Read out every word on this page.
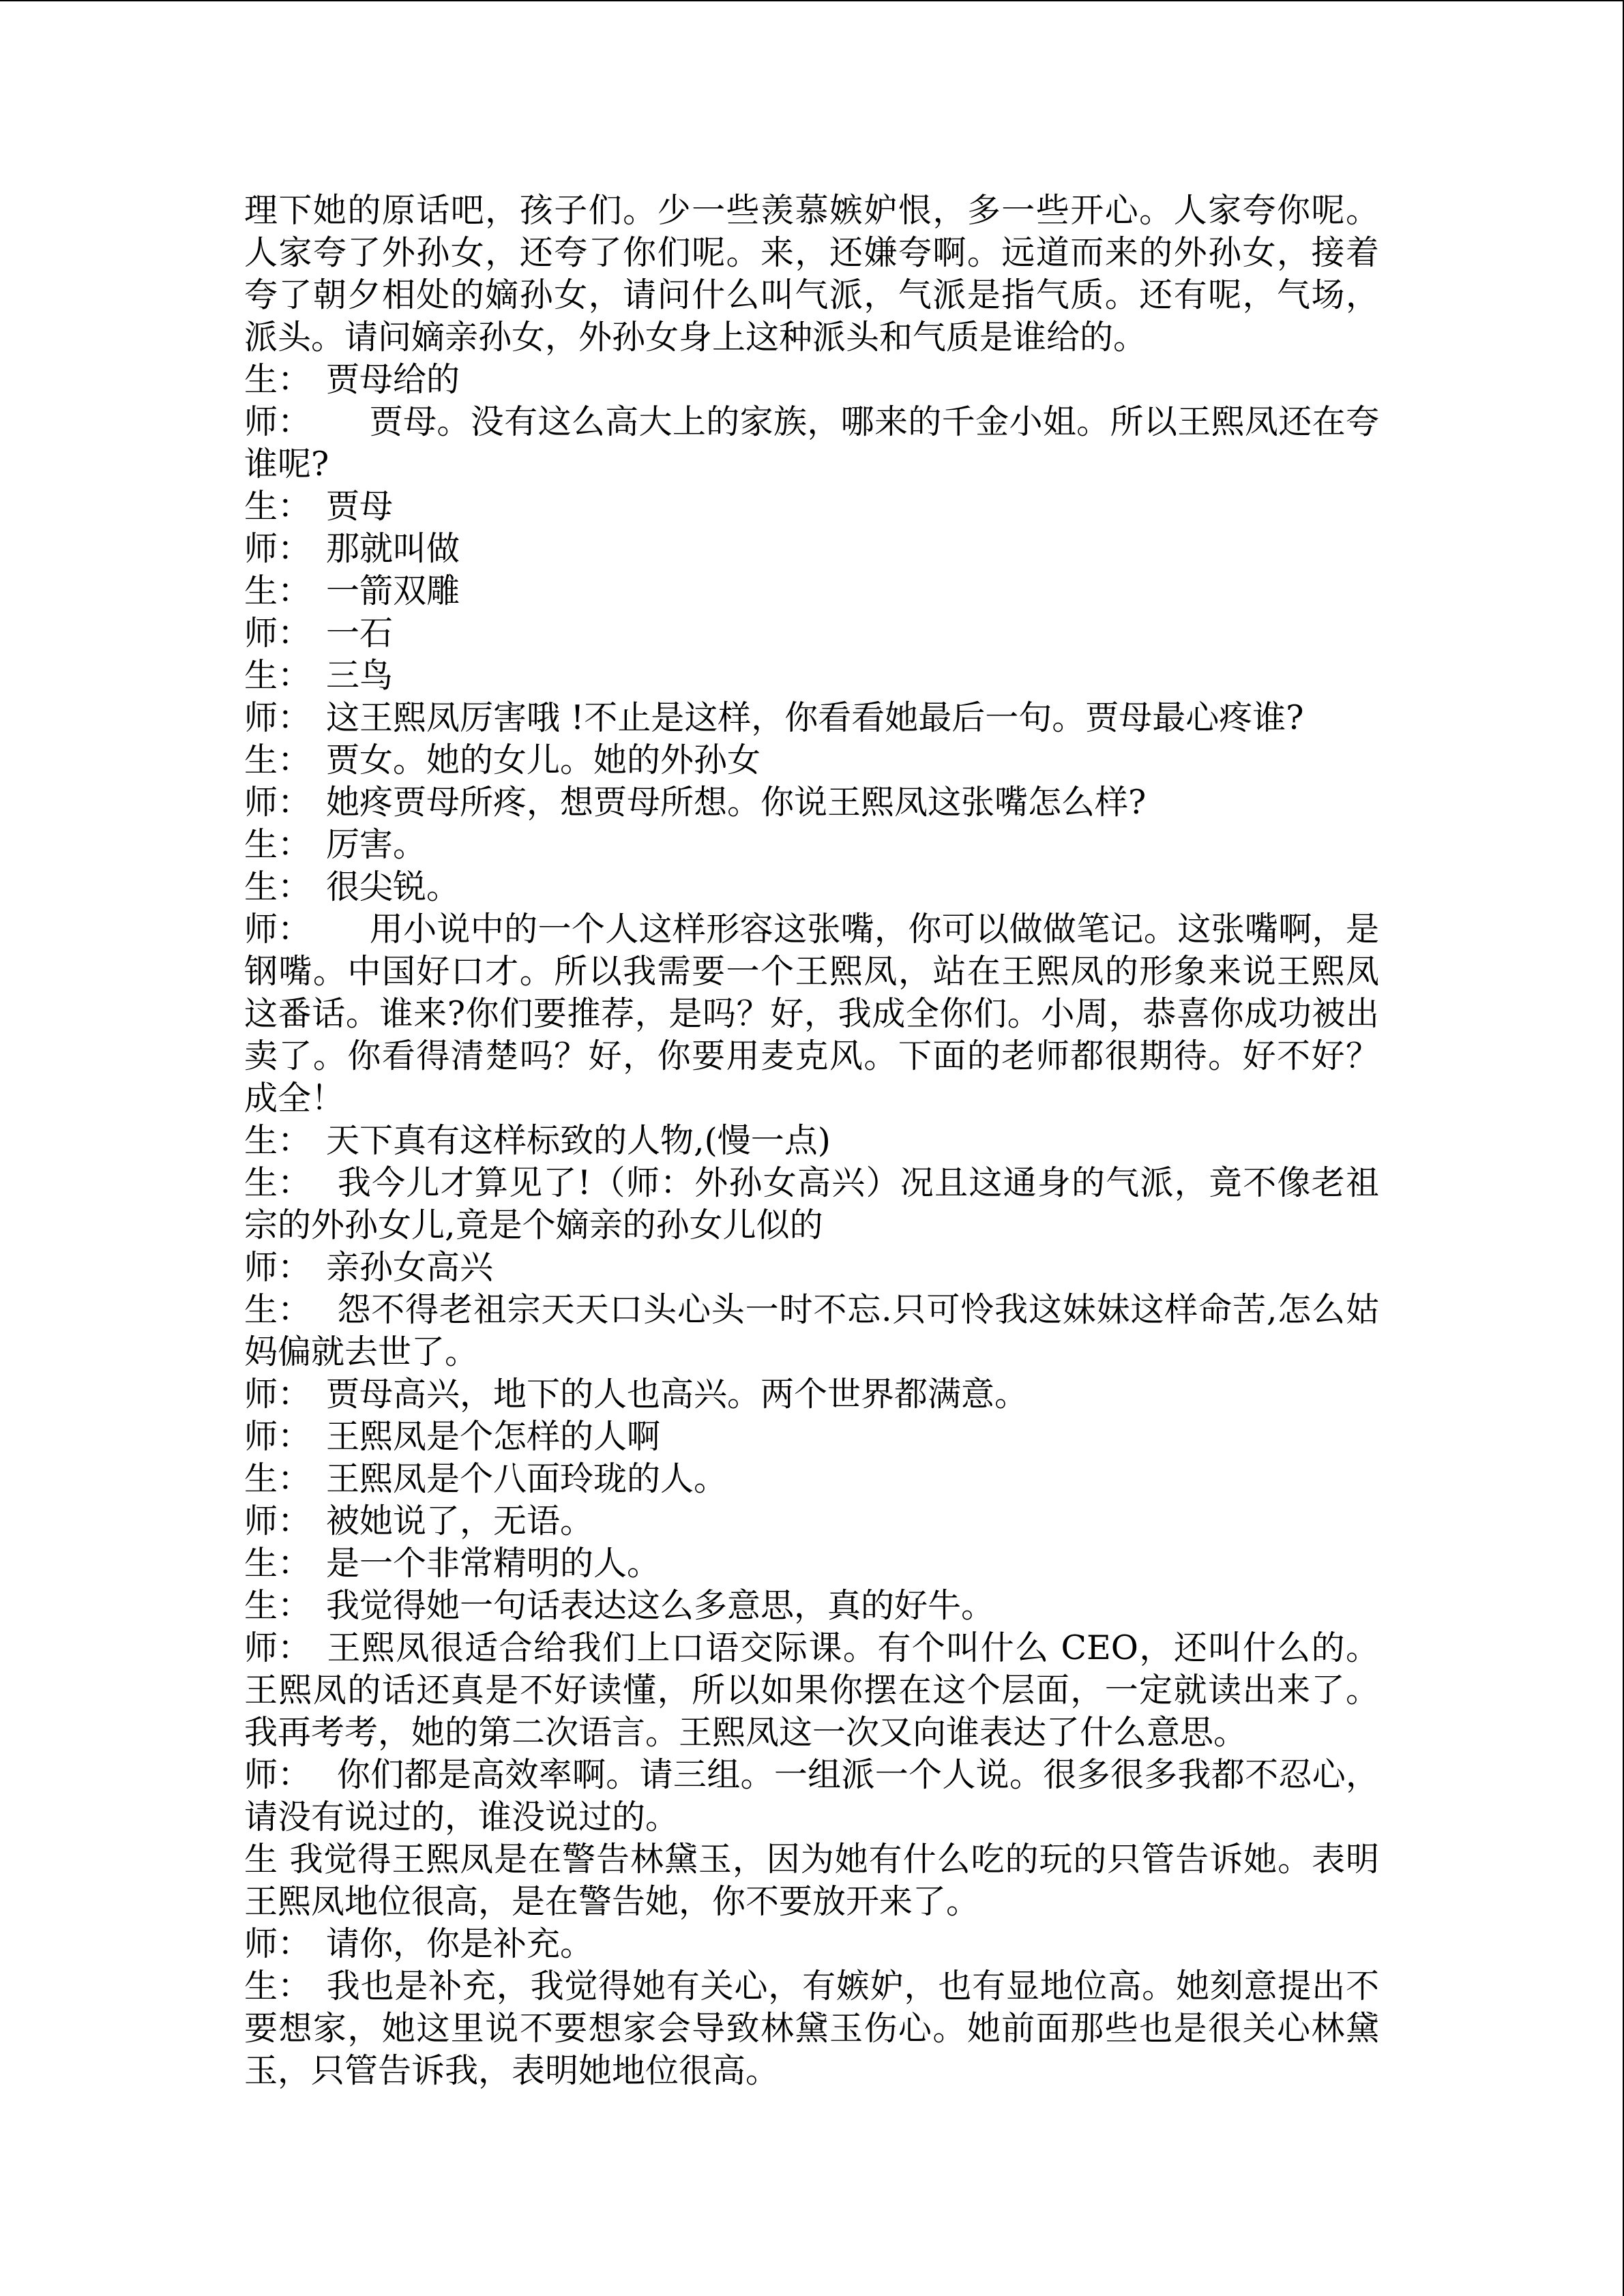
理下她的原话吧，孩子们。少一些羡慕嫉妒恨，多一些开心。人家夸你呢。人家夸了外孙女，还夸了你们呢。来，还嫌夸啊。远道而来的外孙女，接着夸了朝夕相处的嫡孙女，请问什么叫气派，气派是指气质。还有呢，气场，派头。请问嫡亲孙女，外孙女身上这种派头和气质是谁给的。

生： 贾母给的

师：    贾母。没有这么高大上的家族，哪来的千金小姐。所以王熙凤还在夸谁呢?

生： 贾母

师： 那就叫做

生： 一箭双雕

师： 一石

生： 三鸟

师： 这王熙凤厉害哦 !不止是这样，你看看她最后一句。贾母最心疼谁?

生： 贾女。她的女儿。她的外孙女

师： 她疼贾母所疼，想贾母所想。你说王熙凤这张嘴怎么样?

生： 厉害。

生： 很尖锐。

师：    用小说中的一个人这样形容这张嘴，你可以做做笔记。这张嘴啊，是钢嘴。中国好口才。所以我需要一个王熙凤，站在王熙凤的形象来说王熙凤这番话。谁来?你们要推荐，是吗？好，我成全你们。小周，恭喜你成功被出卖了。你看得清楚吗？好，你要用麦克风。下面的老师都很期待。好不好？成全！

生： 天下真有这样标致的人物,(慢一点)

生： 我今儿才算见了!（师：外孙女高兴）况且这通身的气派，竟不像老祖宗的外孙女儿,竟是个嫡亲的孙女儿似的

师： 亲孙女高兴

生： 怨不得老祖宗天天口头心头一时不忘.只可怜我这妹妹这样命苦,怎么姑妈偏就去世了。

师： 贾母高兴，地下的人也高兴。两个世界都满意。

师： 王熙凤是个怎样的人啊

生： 王熙凤是个八面玲珑的人。

师： 被她说了，无语。

生： 是一个非常精明的人。

生： 我觉得她一句话表达这么多意思，真的好牛。

师： 王熙凤很适合给我们上口语交际课。有个叫什么 CEO，还叫什么的。 王熙凤的话还真是不好读懂，所以如果你摆在这个层面，一定就读出来了。我再考考，她的第二次语言。王熙凤这一次又向谁表达了什么意思。

师： 你们都是高效率啊。请三组。一组派一个人说。很多很多我都不忍心，请没有说过的，谁没说过的。

生 我觉得王熙凤是在警告林黛玉，因为她有什么吃的玩的只管告诉她。表明王熙凤地位很高，是在警告她，你不要放开来了。

师： 请你，你是补充。

生： 我也是补充，我觉得她有关心，有嫉妒，也有显地位高。她刻意提出不要想家，她这里说不要想家会导致林黛玉伤心。她前面那些也是很关心林黛玉，只管告诉我，表明她地位很高。
